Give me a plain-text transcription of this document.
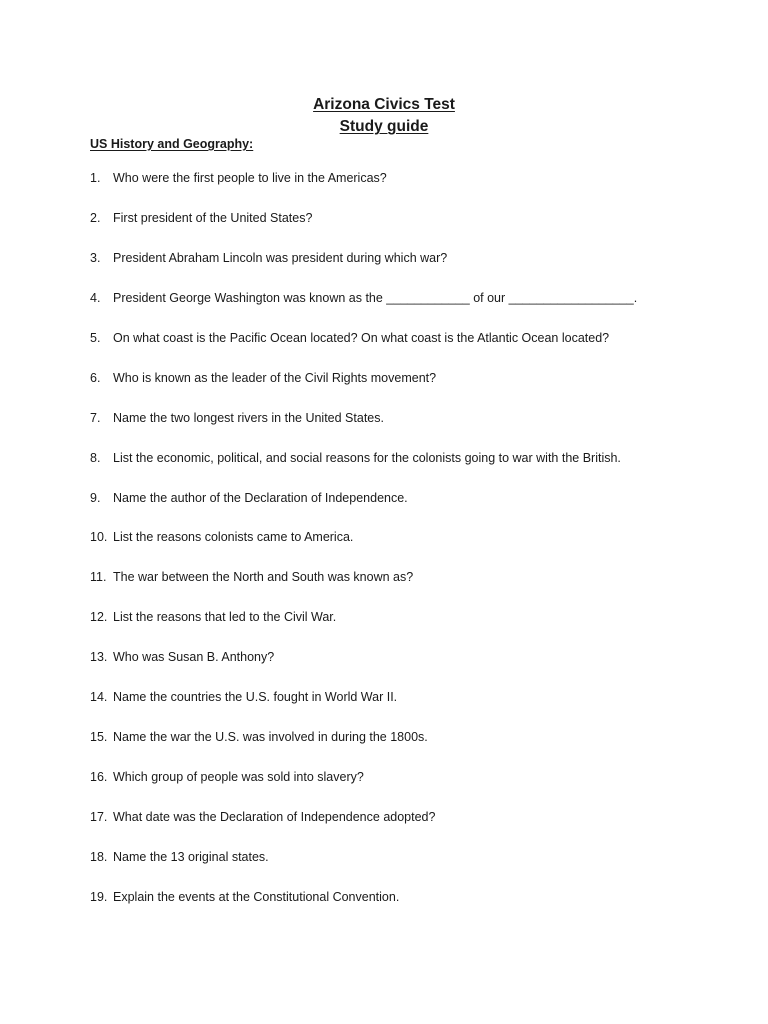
Arizona Civics Test
Study guide
US History and Geography:
1.	Who were the first people to live in the Americas?
2.	First president of the United States?
3.	President Abraham Lincoln was president during which war?
4.	President George Washington was known as the ____________ of our __________________.
5.	On what coast is the Pacific Ocean located? On what coast is the Atlantic Ocean located?
6.	Who is known as the leader of the Civil Rights movement?
7.	Name the two longest rivers in the United States.
8.	List the economic, political, and social reasons for the colonists going to war with the British.
9.	Name the author of the Declaration of Independence.
10. List the reasons colonists came to America.
11. The war between the North and South was known as?
12. List the reasons that led to the Civil War.
13. Who was Susan B. Anthony?
14. Name the countries the U.S. fought in World War II.
15. Name the war the U.S. was involved in during the 1800s.
16. Which group of people was sold into slavery?
17. What date was the Declaration of Independence adopted?
18. Name the 13 original states.
19. Explain the events at the Constitutional Convention.
